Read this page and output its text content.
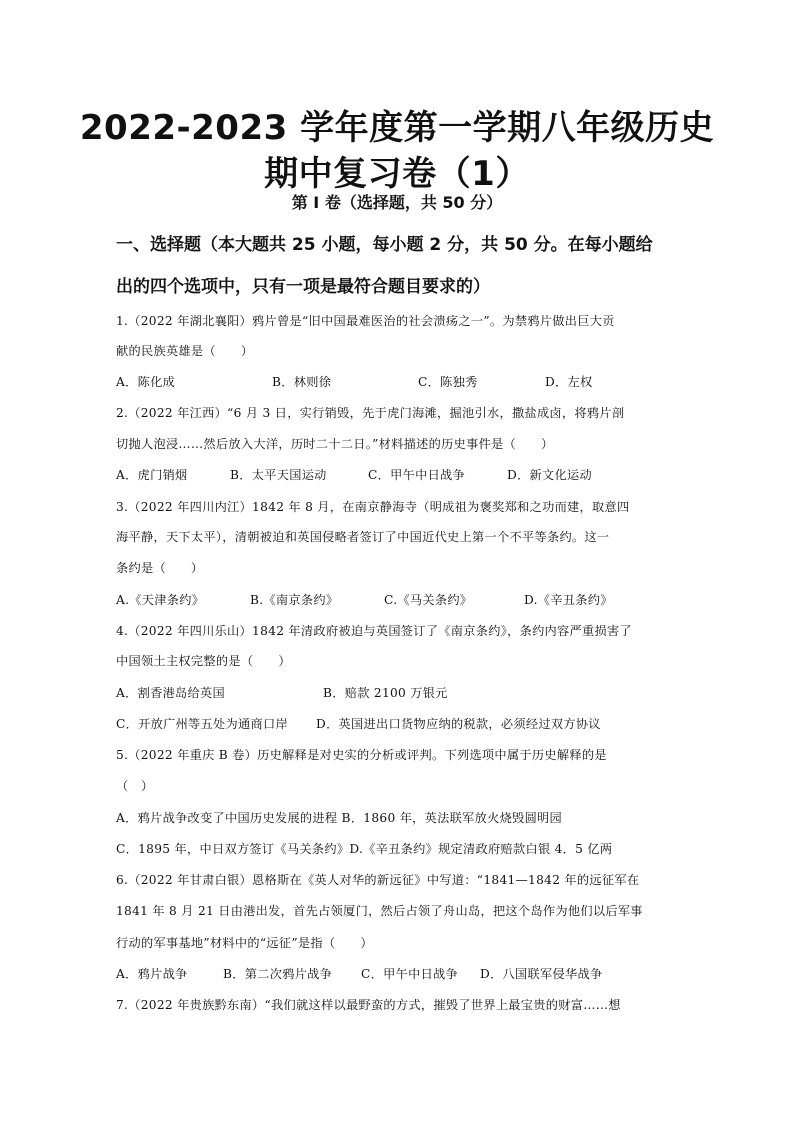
2022-2023 学年度第一学期八年级历史
期中复习卷（1）
第 I 卷（选择题，共 50 分）
一、选择题（本大题共 25 小题，每小题 2 分，共 50 分。在每小题给
出的四个选项中，只有一项是最符合题目要求的）
1.（2022 年湖北襄阳）鸦片曾是“旧中国最难医治的社会溃疡之一”。为禁鸦片做出巨大贡
献的民族英雄是（　　）
A．陈化成	B．林则徐	C．陈独秀	D．左权
2.（2022 年江西）“6 月 3 日，实行销毁，先于虎门海滩，掘池引水，撒盐成卤，将鸦片剖
切抛人泡浸……然后放入大洋，历时二十二日。”材料描述的历史事件是（　　）
A．虎门销烟	B．太平天国运动	C．甲午中日战争	D．新文化运动
3.（2022 年四川内江）1842 年 8 月，在南京静海寺（明成祖为褒奖郑和之功而建，取意四
海平静，天下太平），清朝被迫和英国侵略者签订了中国近代史上第一个不平等条约。这一
条约是（　　）
A.《天津条约》	B.《南京条约》	C.《马关条约》	D.《辛丑条约》
4.（2022 年四川乐山）1842 年清政府被迫与英国签订了《南京条约》，条约内容严重损害了
中国领土主权完整的是（　　）
A．割香港岛给英国	B．赔款 2100 万银元
C．开放广州等五处为通商口岸 D．英国进出口货物应纳的税款，必须经过双方协议
5.（2022 年重庆 B 卷）历史解释是对史实的分析或评判。下列选项中属于历史解释的是
（　）
A．鸦片战争改变了中国历史发展的进程 B．1860 年，英法联军放火烧毁圆明园
C．1895 年，中日双方签订《马关条约》D.《辛丑条约》规定清政府赔款白银 4．5 亿两
6.（2022 年甘肃白银）恩格斯在《英人对华的新远征》中写道：“1841—1842 年的远征军在
1841 年 8 月 21 日由港出发，首先占领厦门，然后占领了舟山岛，把这个岛作为他们以后军事
行动的军事基地”材料中的“远征”是指（　　）
A．鸦片战争	B．第二次鸦片战争 C．甲午中日战争 D．八国联军侵华战争
7.（2022 年贵族黔东南）“我们就这样以最野蛮的方式，摧毁了世界上最宝贵的财富……想
